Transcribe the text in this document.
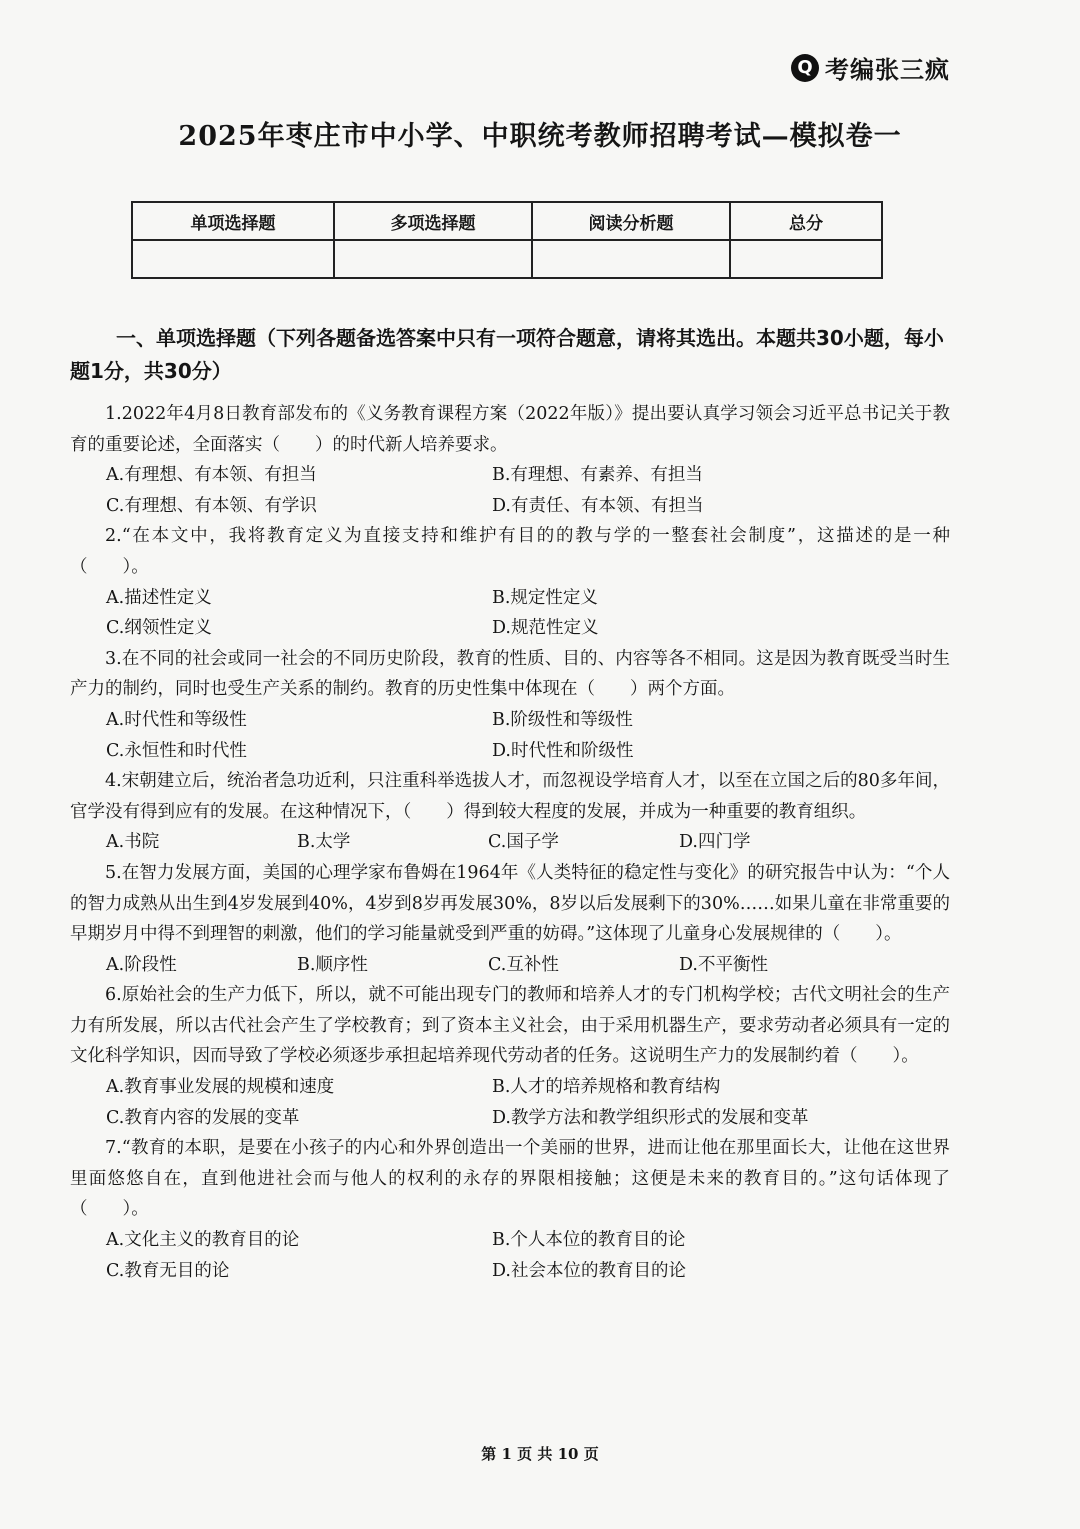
Q 考编张三疯
2025年枣庄市中小学、中职统考教师招聘考试—模拟卷一
单项选择题	多项选择题	阅读分析题	总分

一、单项选择题（下列各题备选答案中只有一项符合题意，请将其选出。本题共30小题，每小题1分，共30分）

1.2022年4月8日教育部发布的《义务教育课程方案（2022年版）》提出要认真学习领会习近平总书记关于教育的重要论述，全面落实（　　）的时代新人培养要求。

A.有理想、有本领、有担当	B.有理想、有素养、有担当
C.有理想、有本领、有学识	D.有责任、有本领、有担当

2.“在本文中，我将教育定义为直接支持和维护有目的的教与学的一整套社会制度”，这描述的是一种（　　）。

A.描述性定义	B.规定性定义
C.纲领性定义	D.规范性定义

3.在不同的社会或同一社会的不同历史阶段，教育的性质、目的、内容等各不相同。这是因为教育既受当时生产力的制约，同时也受生产关系的制约。教育的历史性集中体现在（　　）两个方面。

A.时代性和等级性	B.阶级性和等级性
C.永恒性和时代性	D.时代性和阶级性

4.宋朝建立后，统治者急功近利，只注重科举选拔人才，而忽视设学培育人才，以至在立国之后的80多年间，官学没有得到应有的发展。在这种情况下，（　　）得到较大程度的发展，并成为一种重要的教育组织。

A.书院	B.太学	C.国子学	D.四门学

5.在智力发展方面，美国的心理学家布鲁姆在1964年《人类特征的稳定性与变化》的研究报告中认为：“个人的智力成熟从出生到4岁发展到40%，4岁到8岁再发展30%，8岁以后发展剩下的30%……如果儿童在非常重要的早期岁月中得不到理智的刺激，他们的学习能量就受到严重的妨碍。”这体现了儿童身心发展规律的（　　）。

A.阶段性	B.顺序性	C.互补性	D.不平衡性

6.原始社会的生产力低下，所以，就不可能出现专门的教师和培养人才的专门机构学校；古代文明社会的生产力有所发展，所以古代社会产生了学校教育；到了资本主义社会，由于采用机器生产，要求劳动者必须具有一定的文化科学知识，因而导致了学校必须逐步承担起培养现代劳动者的任务。这说明生产力的发展制约着（　　）。

A.教育事业发展的规模和速度	B.人才的培养规格和教育结构
C.教育内容的发展的变革	D.教学方法和教学组织形式的发展和变革

7.“教育的本职，是要在小孩子的内心和外界创造出一个美丽的世界，进而让他在那里面长大，让他在这世界里面悠悠自在，直到他进社会而与他人的权利的永存的界限相接触；这便是未来的教育目的。”这句话体现了（　　）。

A.文化主义的教育目的论	B.个人本位的教育目的论
C.教育无目的论	D.社会本位的教育目的论
第 1 页 共 10 页
